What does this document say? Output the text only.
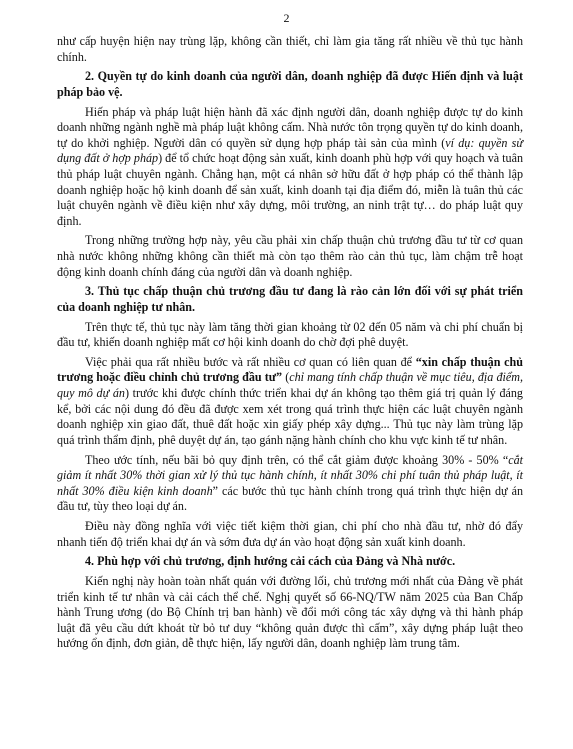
2

như cấp huyện hiện nay trùng lặp, không cần thiết, chỉ làm gia tăng rất nhiều về thủ tục hành chính.

2. Quyền tự do kinh doanh của người dân, doanh nghiệp đã được Hiến định và luật pháp bảo vệ.

Hiến pháp và pháp luật hiện hành đã xác định người dân, doanh nghiệp được tự do kinh doanh những ngành nghề mà pháp luật không cấm. Nhà nước tôn trọng quyền tự do kinh doanh, tự do khởi nghiệp. Người dân có quyền sử dụng hợp pháp tài sản của mình (ví dụ: quyền sử dụng đất ở hợp pháp) để tổ chức hoạt động sản xuất, kinh doanh phù hợp với quy hoạch và tuân thủ pháp luật chuyên ngành. Chẳng hạn, một cá nhân sở hữu đất ở hợp pháp có thể thành lập doanh nghiệp hoặc hộ kinh doanh để sản xuất, kinh doanh tại địa điểm đó, miễn là tuân thủ các luật chuyên ngành về điều kiện như xây dựng, môi trường, an ninh trật tự… do pháp luật quy định.

Trong những trường hợp này, yêu cầu phải xin chấp thuận chủ trương đầu tư từ cơ quan nhà nước không những không cần thiết mà còn tạo thêm rào cản thủ tục, làm chậm trễ hoạt động kinh doanh chính đáng của người dân và doanh nghiệp.

3. Thủ tục chấp thuận chủ trương đầu tư đang là rào cản lớn đối với sự phát triển của doanh nghiệp tư nhân.

Trên thực tế, thủ tục này làm tăng thời gian khoảng từ 02 đến 05 năm và chi phí chuẩn bị đầu tư, khiến doanh nghiệp mất cơ hội kinh doanh do chờ đợi phê duyệt.

Việc phải qua rất nhiều bước và rất nhiều cơ quan có liên quan để “xin chấp thuận chủ trương hoặc điều chỉnh chủ trương đầu tư” (chỉ mang tính chấp thuận về mục tiêu, địa điểm, quy mô dự án) trước khi được chính thức triển khai dự án không tạo thêm giá trị quản lý đáng kể, bởi các nội dung đó đều đã được xem xét trong quá trình thực hiện các luật chuyên ngành doanh nghiệp xin giao đất, thuê đất hoặc xin giấy phép xây dựng... Thủ tục này làm trùng lặp quá trình thẩm định, phê duyệt dự án, tạo gánh nặng hành chính cho khu vực kinh tế tư nhân.

Theo ước tính, nếu bãi bỏ quy định trên, có thể cắt giảm được khoảng 30% - 50% “cắt giảm ít nhất 30% thời gian xử lý thủ tục hành chính, ít nhất 30% chi phí tuân thủ pháp luật, ít nhất 30% điều kiện kinh doanh” các bước thủ tục hành chính trong quá trình thực hiện dự án đầu tư, tùy theo loại dự án.

Điều này đồng nghĩa với việc tiết kiệm thời gian, chi phí cho nhà đầu tư, nhờ đó đẩy nhanh tiến độ triển khai dự án và sớm đưa dự án vào hoạt động sản xuất kinh doanh.

4. Phù hợp với chủ trương, định hướng cải cách của Đảng và Nhà nước.

Kiến nghị này hoàn toàn nhất quán với đường lối, chủ trương mới nhất của Đảng về phát triển kinh tế tư nhân và cải cách thể chế. Nghị quyết số 66-NQ/TW năm 2025 của Ban Chấp hành Trung ương (do Bộ Chính trị ban hành) về đổi mới công tác xây dựng và thi hành pháp luật đã yêu cầu dứt khoát từ bỏ tư duy “không quản được thì cấm”, xây dựng pháp luật theo hướng ổn định, đơn giản, dễ thực hiện, lấy người dân, doanh nghiệp làm trung tâm.
